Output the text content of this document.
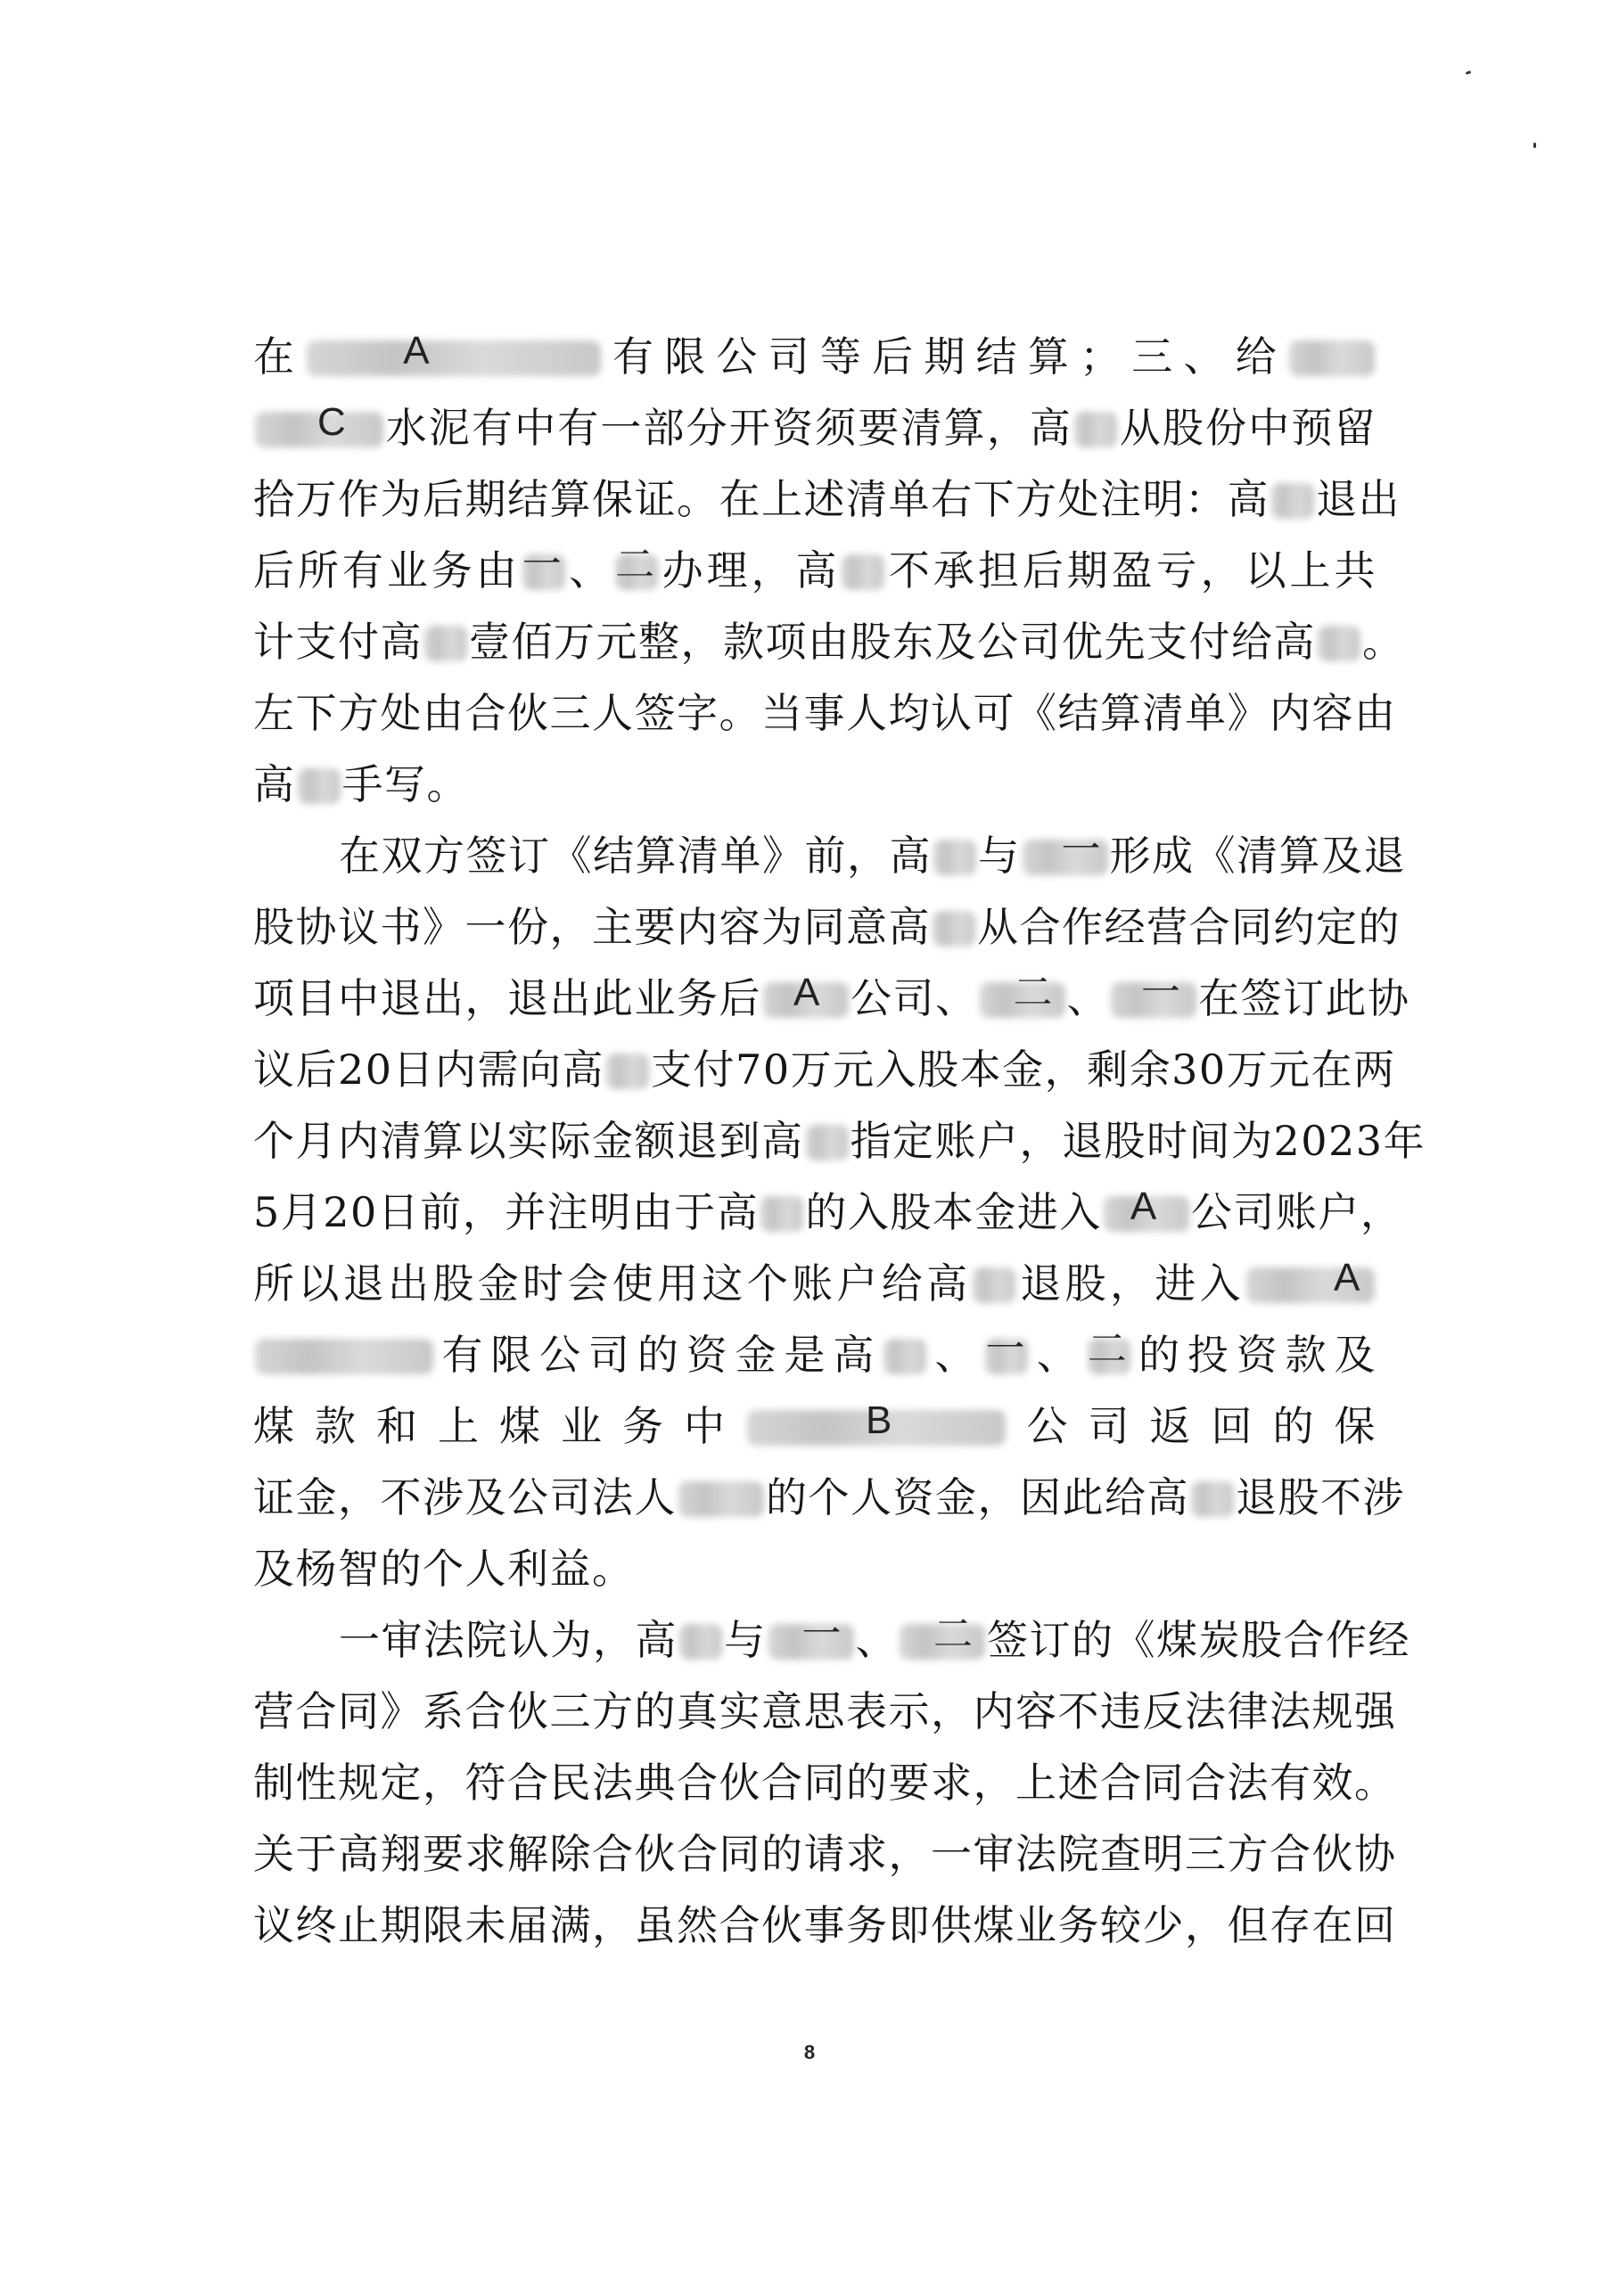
在	A	有限公司等后期结算；三、给
C 水泥有中有一部分开资须要清算，高 从股份中预留
拾万作为后期结算保证。在上述清单右下方处注明：高 退出
后所有业务由 一 、 二 办理，高 不承担后期盈亏，以上共
计支付高 壹佰万元整，款项由股东及公司优先支付给高 。
左下方处由合伙三人签字。当事人均认可《结算清单》内容由
高 手写。
在双方签订《结算清单》前，高 与 一 形成《清算及退
股协议书》一份，主要内容为同意高 从合作经营合同约定的
项目中退出，退出此业务后 A 公司、 二 、 一 在签订此协
议后20日内需向高 支付70万元入股本金，剩余30万元在两
个月内清算以实际金额退到高 指定账户，退股时间为2023年
5月20日前，并注明由于高 的入股本金进入 A 公司账户，
所以退出股金时会使用这个账户给高 退股，进入 A
有限公司的资金是高 、 一 、 二 的投资款及
煤款和上煤业务中	B	公司返回的保
证金，不涉及公司法人 的个人资金，因此给高 退股不涉
及杨智的个人利益。
一审法院认为，高 与 一 、 二 签订的《煤炭股合作经
营合同》系合伙三方的真实意思表示，内容不违反法律法规强
制性规定，符合民法典合伙合同的要求，上述合同合法有效。
关于高翔要求解除合伙合同的请求，一审法院查明三方合伙协
议终止期限未届满，虽然合伙事务即供煤业务较少，但存在回
8
